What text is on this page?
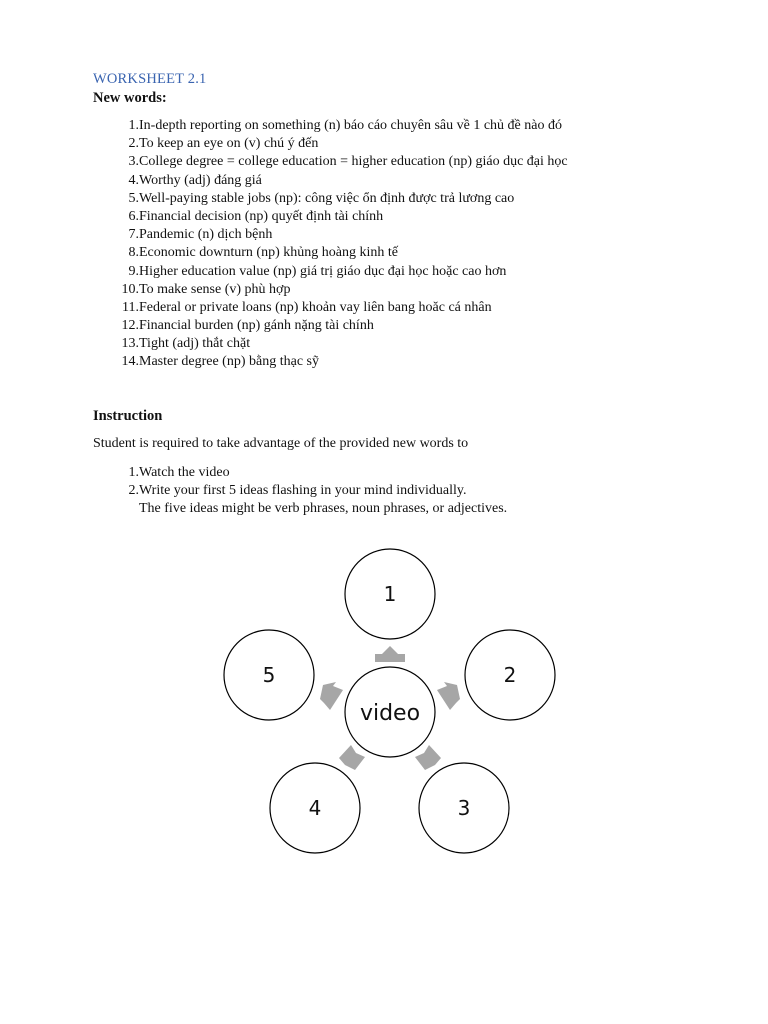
WORKSHEET 2.1
New words:
1. In-depth reporting on something (n) báo cáo chuyên sâu về 1 chủ đề nào đó
2. To keep an eye on (v) chú ý đến
3. College degree = college education = higher education (np) giáo dục đại học
4. Worthy (adj) đáng giá
5. Well-paying stable jobs (np): công việc ổn định được trả lương cao
6. Financial decision (np) quyết định tài chính
7. Pandemic (n) dịch bệnh
8. Economic downturn (np) khủng hoàng kinh tế
9. Higher education value (np) giá trị giáo dục đại học hoặc cao hơn
10. To make sense (v) phù hợp
11. Federal or private loans (np) khoản vay liên bang hoăc cá nhân
12. Financial burden (np) gánh nặng tài chính
13. Tight (adj) thắt chặt
14. Master degree (np) bằng thạc sỹ
Instruction
Student is required to take advantage of the provided new words to
1. Watch the video
2. Write your first 5 ideas flashing in your mind individually.
The five ideas might be verb phrases, noun phrases, or adjectives.
video
1
2
3
4
5
